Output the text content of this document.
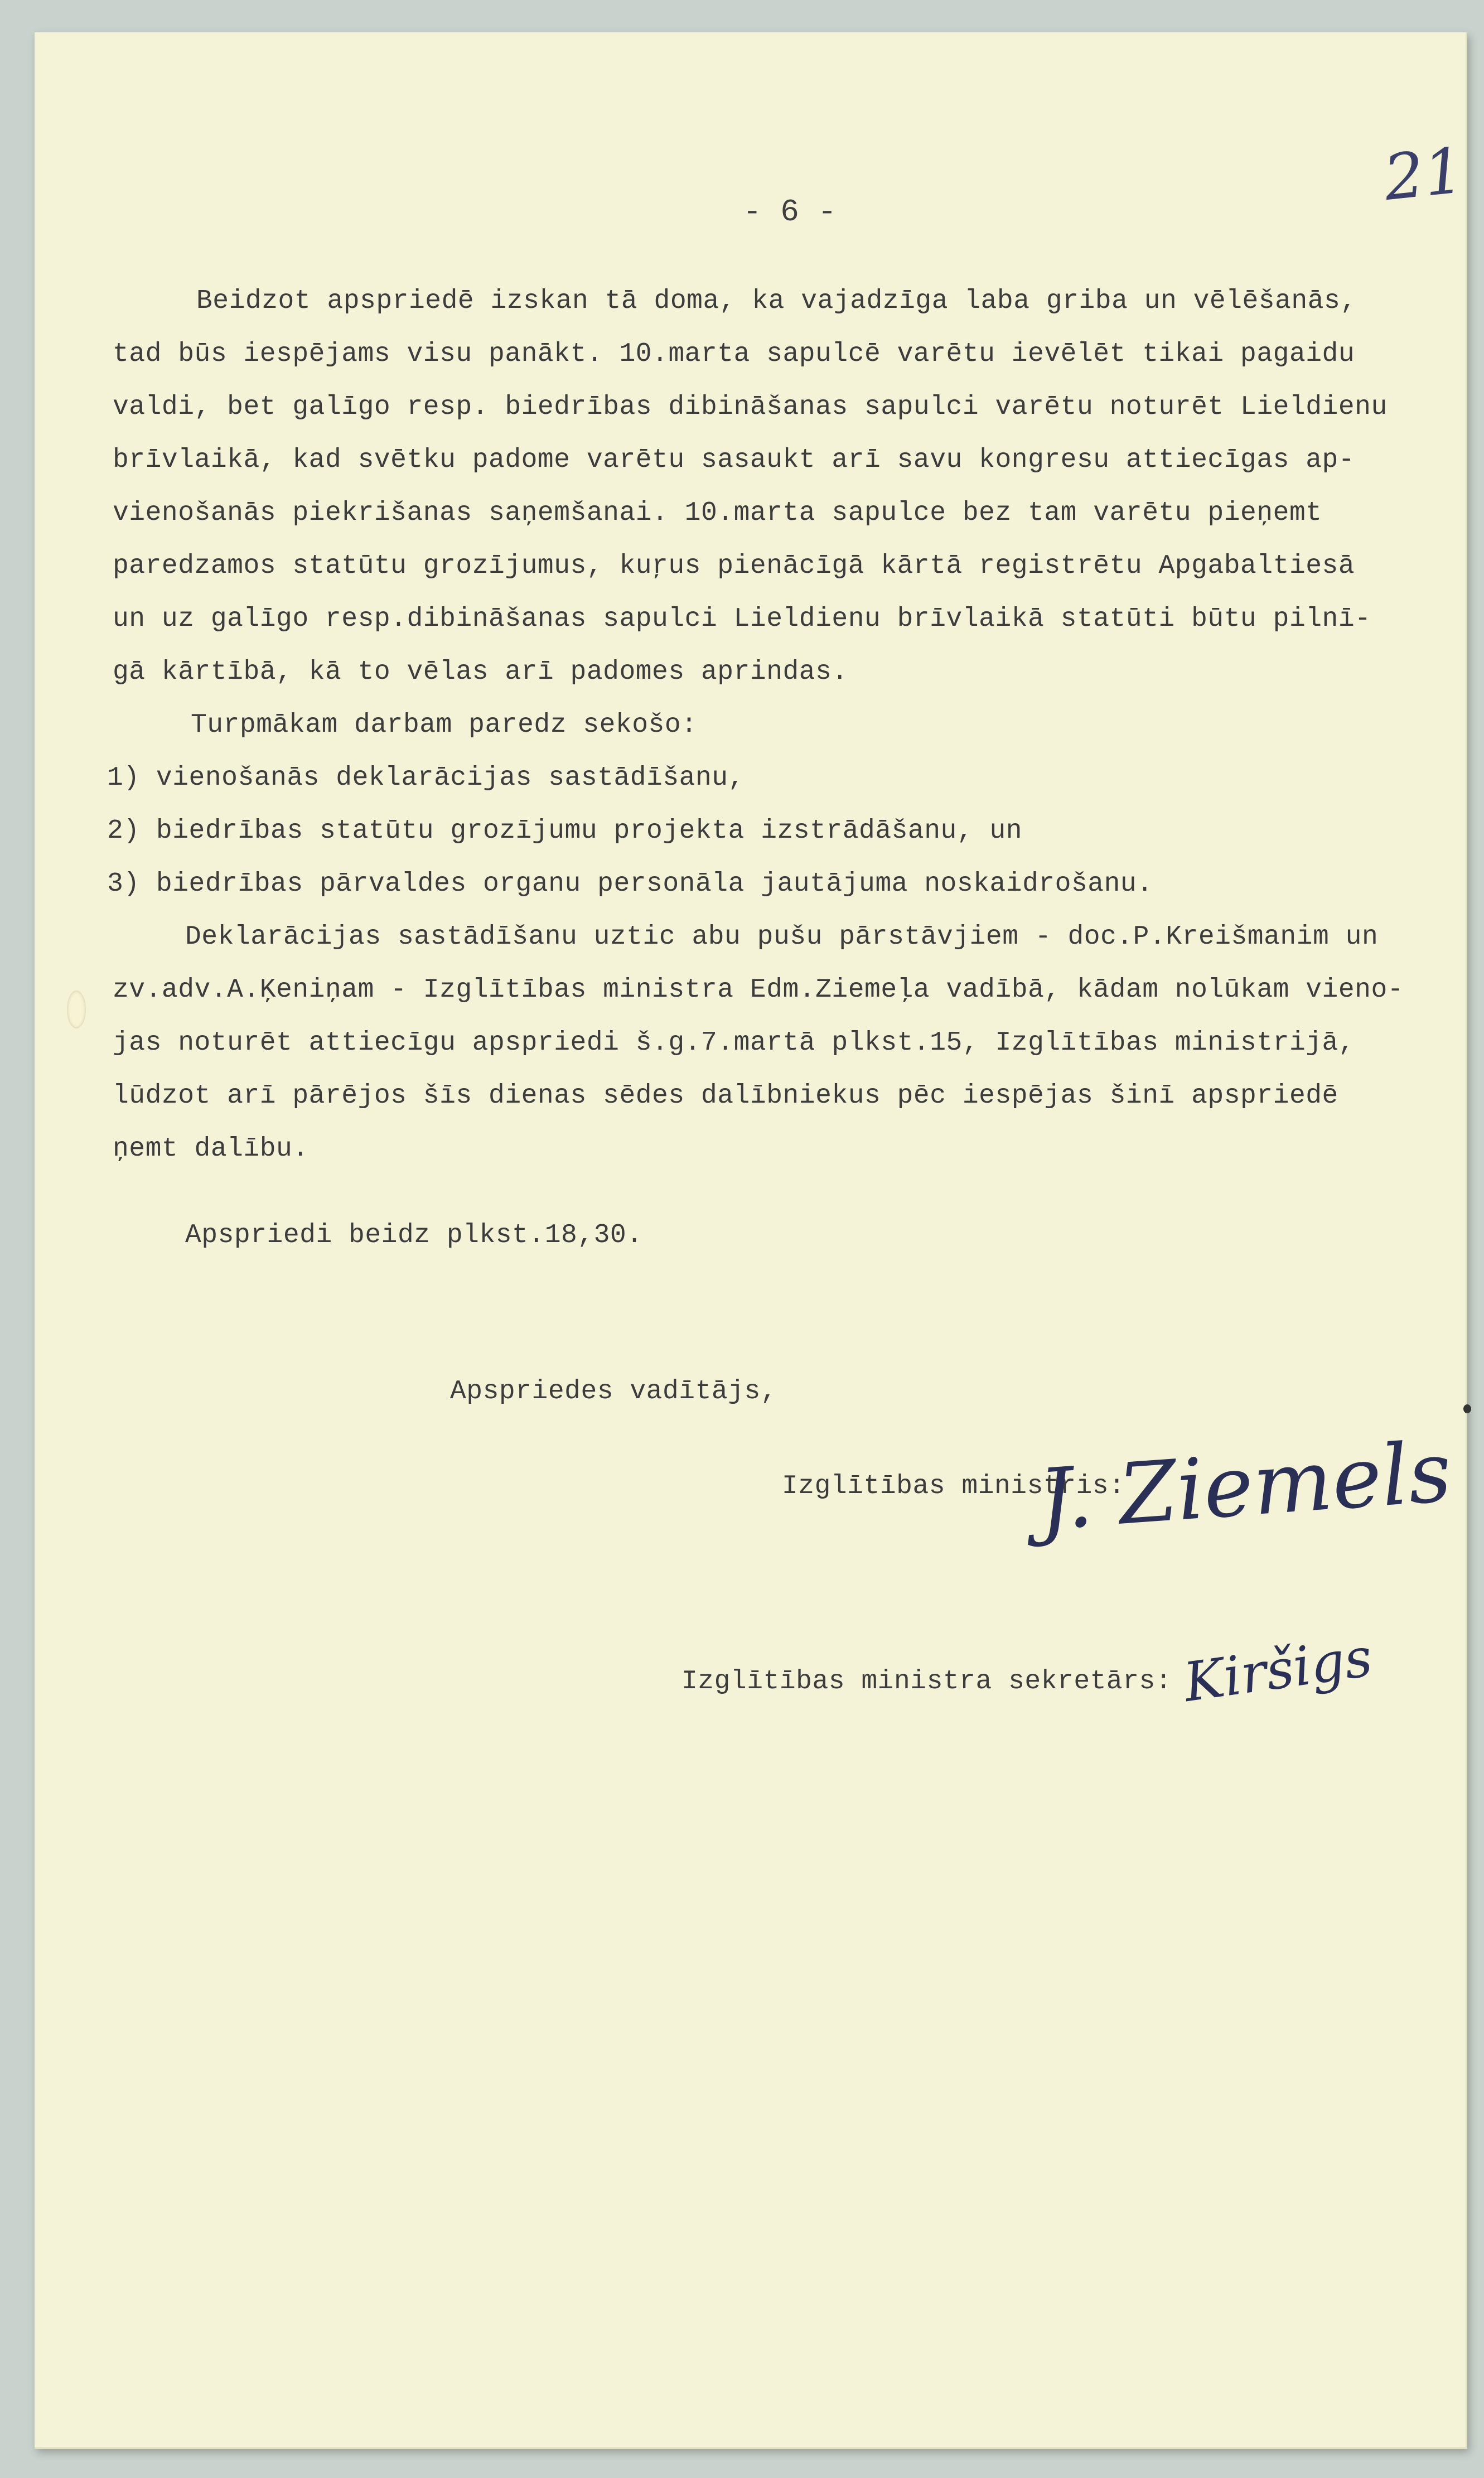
21
- 6 -

Beidzot apspriedē izskan tā doma, ka vajadzīga laba griba un vēlēšanās,

tad būs iespējams visu panākt. 10.marta sapulcē varētu ievēlēt tikai pagaidu

valdi, bet galīgo resp. biedrības dibināšanas sapulci varētu noturēt Lieldienu

brīvlaikā, kad svētku padome varētu sasaukt arī savu kongresu attiecīgas ap-

vienošanās piekrišanas saņemšanai. 10.marta sapulce bez tam varētu pieņemt

paredzamos statūtu grozījumus, kuŗus pienācīgā kārtā registrētu Apgabaltiesā

un uz galīgo resp.dibināšanas sapulci Lieldienu brīvlaikā statūti būtu pilnī-

gā kārtībā, kā to vēlas arī padomes aprindas.

Turpmākam darbam paredz sekošo:

1) vienošanās deklarācijas sastādīšanu,

2) biedrības statūtu grozījumu projekta izstrādāšanu, un

3) biedrības pārvaldes organu personāla jautājuma noskaidrošanu.

Deklarācijas sastādīšanu uztic abu pušu pārstāvjiem - doc.P.Kreišmanim un

zv.adv.A.Ķeniņam - Izglītības ministra Edm.Ziemeļa vadībā, kādam nolūkam vieno-

jas noturēt attiecīgu apspriedi š.g.7.martā plkst.15, Izglītības ministrijā,

lūdzot arī pārējos šīs dienas sēdes dalībniekus pēc iespējas šinī apspriedē

ņemt dalību.

Apspriedi beidz plkst.18,30.

Apspriedes vadītājs,

Izglītības ministris:

Izglītības ministra sekretārs:

J. Ziemels
Kiršigs
